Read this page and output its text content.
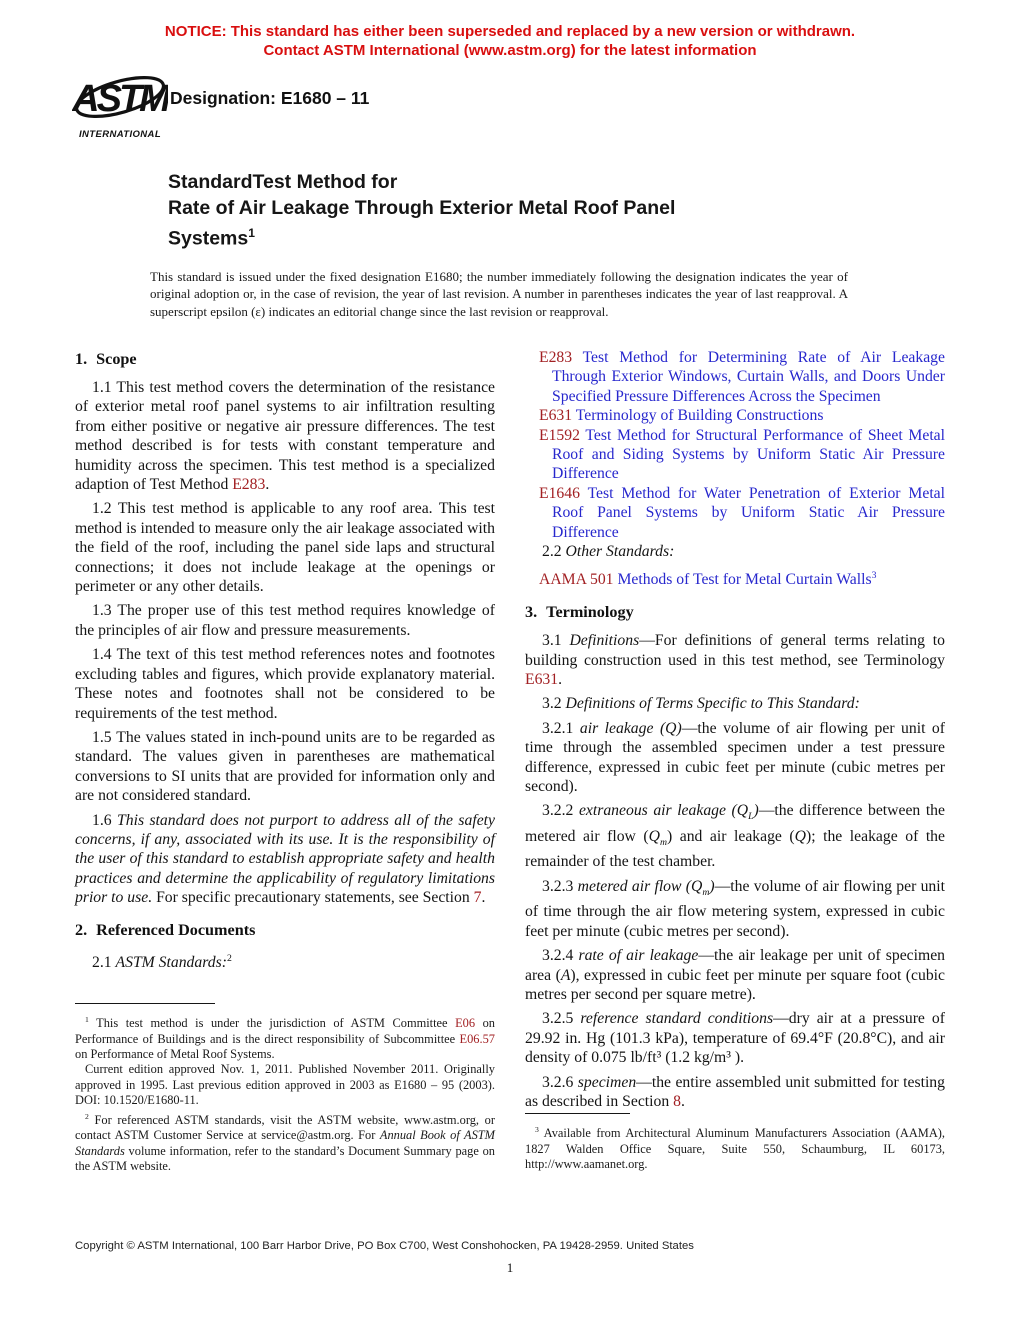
NOTICE: This standard has either been superseded and replaced by a new version or withdrawn.
Contact ASTM International (www.astm.org) for the latest information
ASTM
INTERNATIONAL
Designation: E1680 – 11
StandardTest Method for
Rate of Air Leakage Through Exterior Metal Roof Panel
Systems$^1$
This standard is issued under the fixed designation E1680; the number immediately following the designation indicates the year of original adoption or, in the case of revision, the year of last revision. A number in parentheses indicates the year of last reapproval. A superscript epsilon (ε) indicates an editorial change since the last revision or reapproval.
1. Scope

1.1 This test method covers the determination of the resistance of exterior metal roof panel systems to air infiltration resulting from either positive or negative air pressure differences. The test method described is for tests with constant temperature and humidity across the specimen. This test method is a specialized adaption of Test Method E283.

1.2 This test method is applicable to any roof area. This test method is intended to measure only the air leakage associated with the field of the roof, including the panel side laps and structural connections; it does not include leakage at the openings or perimeter or any other details.

1.3 The proper use of this test method requires knowledge of the principles of air flow and pressure measurements.

1.4 The text of this test method references notes and footnotes excluding tables and figures, which provide explanatory material. These notes and footnotes shall not be considered to be requirements of the test method.

1.5 The values stated in inch-pound units are to be regarded as standard. The values given in parentheses are mathematical conversions to SI units that are provided for information only and are not considered standard.

1.6 This standard does not purport to address all of the safety concerns, if any, associated with its use. It is the responsibility of the user of this standard to establish appropriate safety and health practices and determine the applicability of regulatory limitations prior to use. For specific precautionary statements, see Section 7.

2. Referenced Documents

2.1 ASTM Standards:$^2$

E283 Test Method for Determining Rate of Air Leakage Through Exterior Windows, Curtain Walls, and Doors Under Specified Pressure Differences Across the Specimen

E631 Terminology of Building Constructions

E1592 Test Method for Structural Performance of Sheet Metal Roof and Siding Systems by Uniform Static Air Pressure Difference

E1646 Test Method for Water Penetration of Exterior Metal Roof Panel Systems by Uniform Static Air Pressure Difference

2.2 Other Standards:

AAMA 501 Methods of Test for Metal Curtain Walls$^3$

3. Terminology

3.1 Definitions—For definitions of general terms relating to building construction used in this test method, see Terminology E631.

3.2 Definitions of Terms Specific to This Standard:

3.2.1 air leakage (Q)—the volume of air flowing per unit of time through the assembled specimen under a test pressure difference, expressed in cubic feet per minute (cubic metres per second).

3.2.2 extraneous air leakage $(Q_L)—the$ difference between the metered air flow $(Q_m)$ and air leakage (Q); the leakage of the remainder of the test chamber.

3.2.3 metered air flow $(Q_m)—the$ volume of air flowing per unit of time through the air flow metering system, expressed in cubic feet per minute (cubic metres per second).

3.2.4 rate of air leakage—the air leakage per unit of specimen area (A), expressed in cubic feet per minute per square foot (cubic metres per second per square metre).

3.2.5 reference standard conditions—dry air at a pressure of 29.92 in. Hg (101.3 kPa), temperature of 69.4°F (20.8°C), and air density of 0.075 lb/ft³ (1.2 kg/m³ ).

3.2.6 specimen—the entire assembled unit submitted for testing as described in Section 8.

$^1$ This test method is under the jurisdiction of ASTM Committee E06 on Performance of Buildings and is the direct responsibility of Subcommittee E06.57 on Performance of Metal Roof Systems.

Current edition approved Nov. 1, 2011. Published November 2011. Originally approved in 1995. Last previous edition approved in 2003 as E1680 – 95 (2003). DOI: 10.1520/E1680-11.

$^2$ For referenced ASTM standards, visit the ASTM website, www.astm.org, or contact ASTM Customer Service at service@astm.org. For Annual Book of ASTM Standards volume information, refer to the standard’s Document Summary page on the ASTM website.

$^3$ Available from Architectural Aluminum Manufacturers Association (AAMA), 1827 Walden Office Square, Suite 550, Schaumburg, IL 60173, http://www.aamanet.org.

Copyright © ASTM International, 100 Barr Harbor Drive, PO Box C700, West Conshohocken, PA 19428-2959. United States
1
